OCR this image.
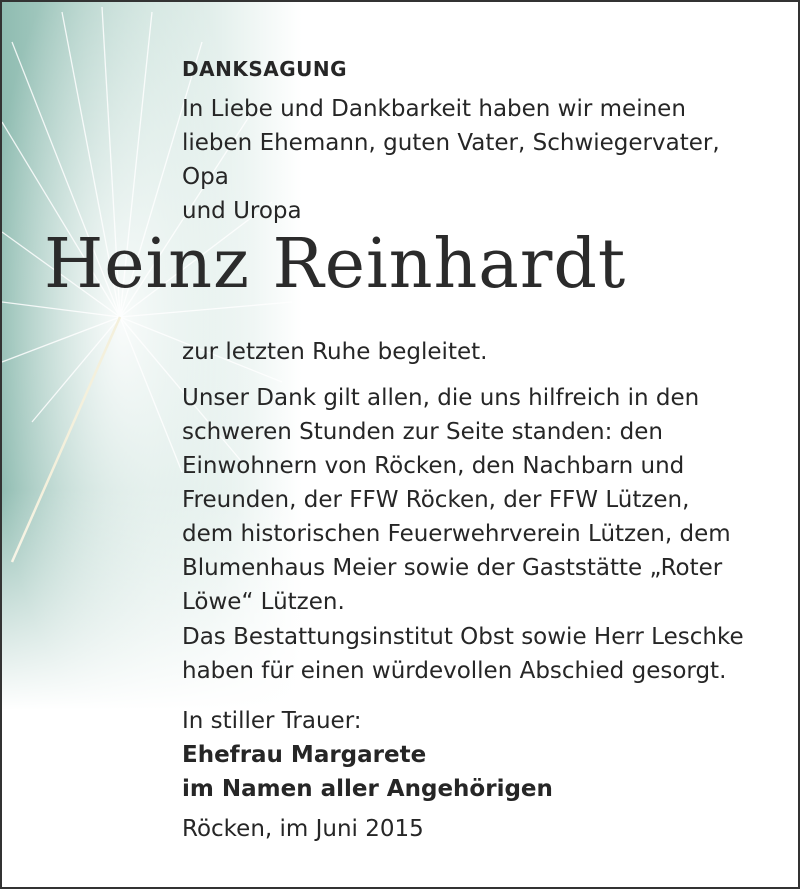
DANKSAGUNG
In Liebe und Dankbarkeit haben wir meinen
lieben Ehemann, guten Vater, Schwiegervater, Opa
und Uropa
Heinz Reinhardt
zur letzten Ruhe begleitet.
Unser Dank gilt allen, die uns hilfreich in den
schweren Stunden zur Seite standen: den
Einwohnern von Röcken, den Nachbarn und
Freunden, der FFW Röcken, der FFW Lützen,
dem historischen Feuerwehrverein Lützen, dem
Blumenhaus Meier sowie der Gaststätte „Roter
Löwe“ Lützen.
Das Bestattungsinstitut Obst sowie Herr Leschke
haben für einen würdevollen Abschied gesorgt.
In stiller Trauer:
Ehefrau Margarete
im Namen aller Angehörigen
Röcken, im Juni 2015
